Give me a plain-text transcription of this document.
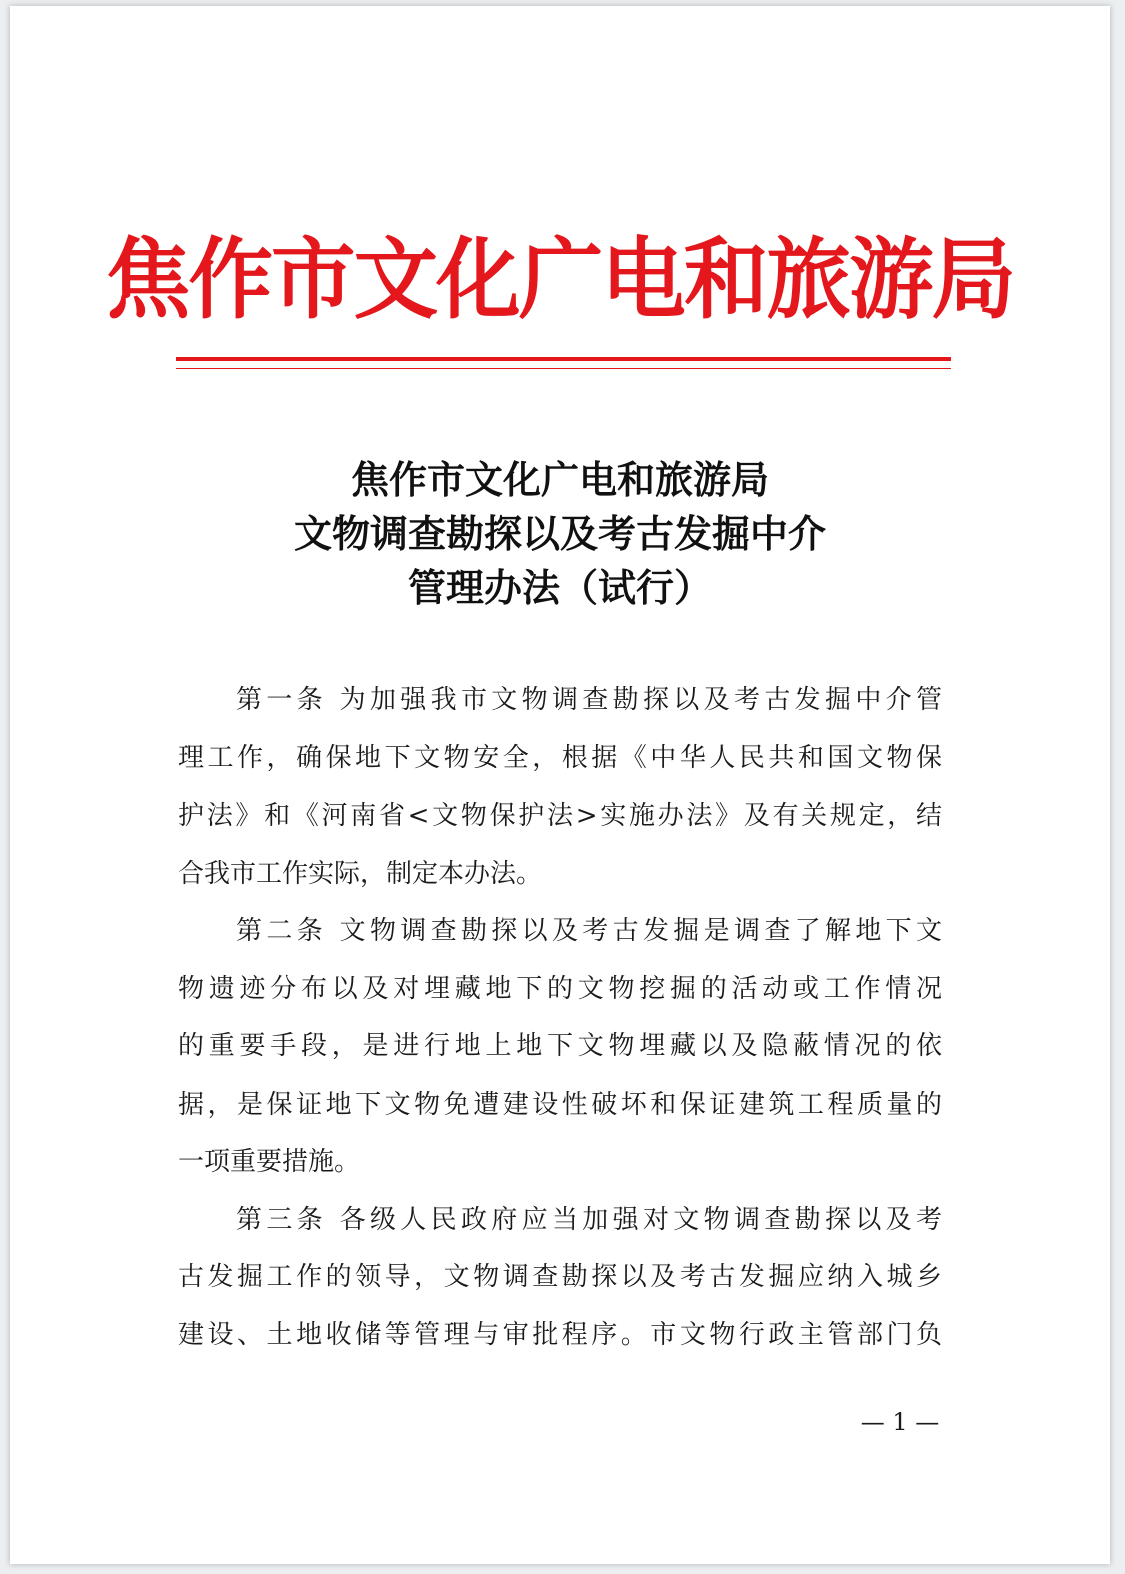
焦作市文化广电和旅游局
焦作市文化广电和旅游局
文物调查勘探以及考古发掘中介
管理办法（试行）
第一条 为加强我市文物调查勘探以及考古发掘中介管
理工作，确保地下文物安全，根据《中华人民共和国文物保
护法》和《河南省<文物保护法>实施办法》及有关规定，结
合我市工作实际，制定本办法。
第二条 文物调查勘探以及考古发掘是调查了解地下文
物遗迹分布以及对埋藏地下的文物挖掘的活动或工作情况
的重要手段，是进行地上地下文物埋藏以及隐蔽情况的依
据，是保证地下文物免遭建设性破坏和保证建筑工程质量的
一项重要措施。
第三条 各级人民政府应当加强对文物调查勘探以及考
古发掘工作的领导，文物调查勘探以及考古发掘应纳入城乡
建设、土地收储等管理与审批程序。市文物行政主管部门负
— 1 —
